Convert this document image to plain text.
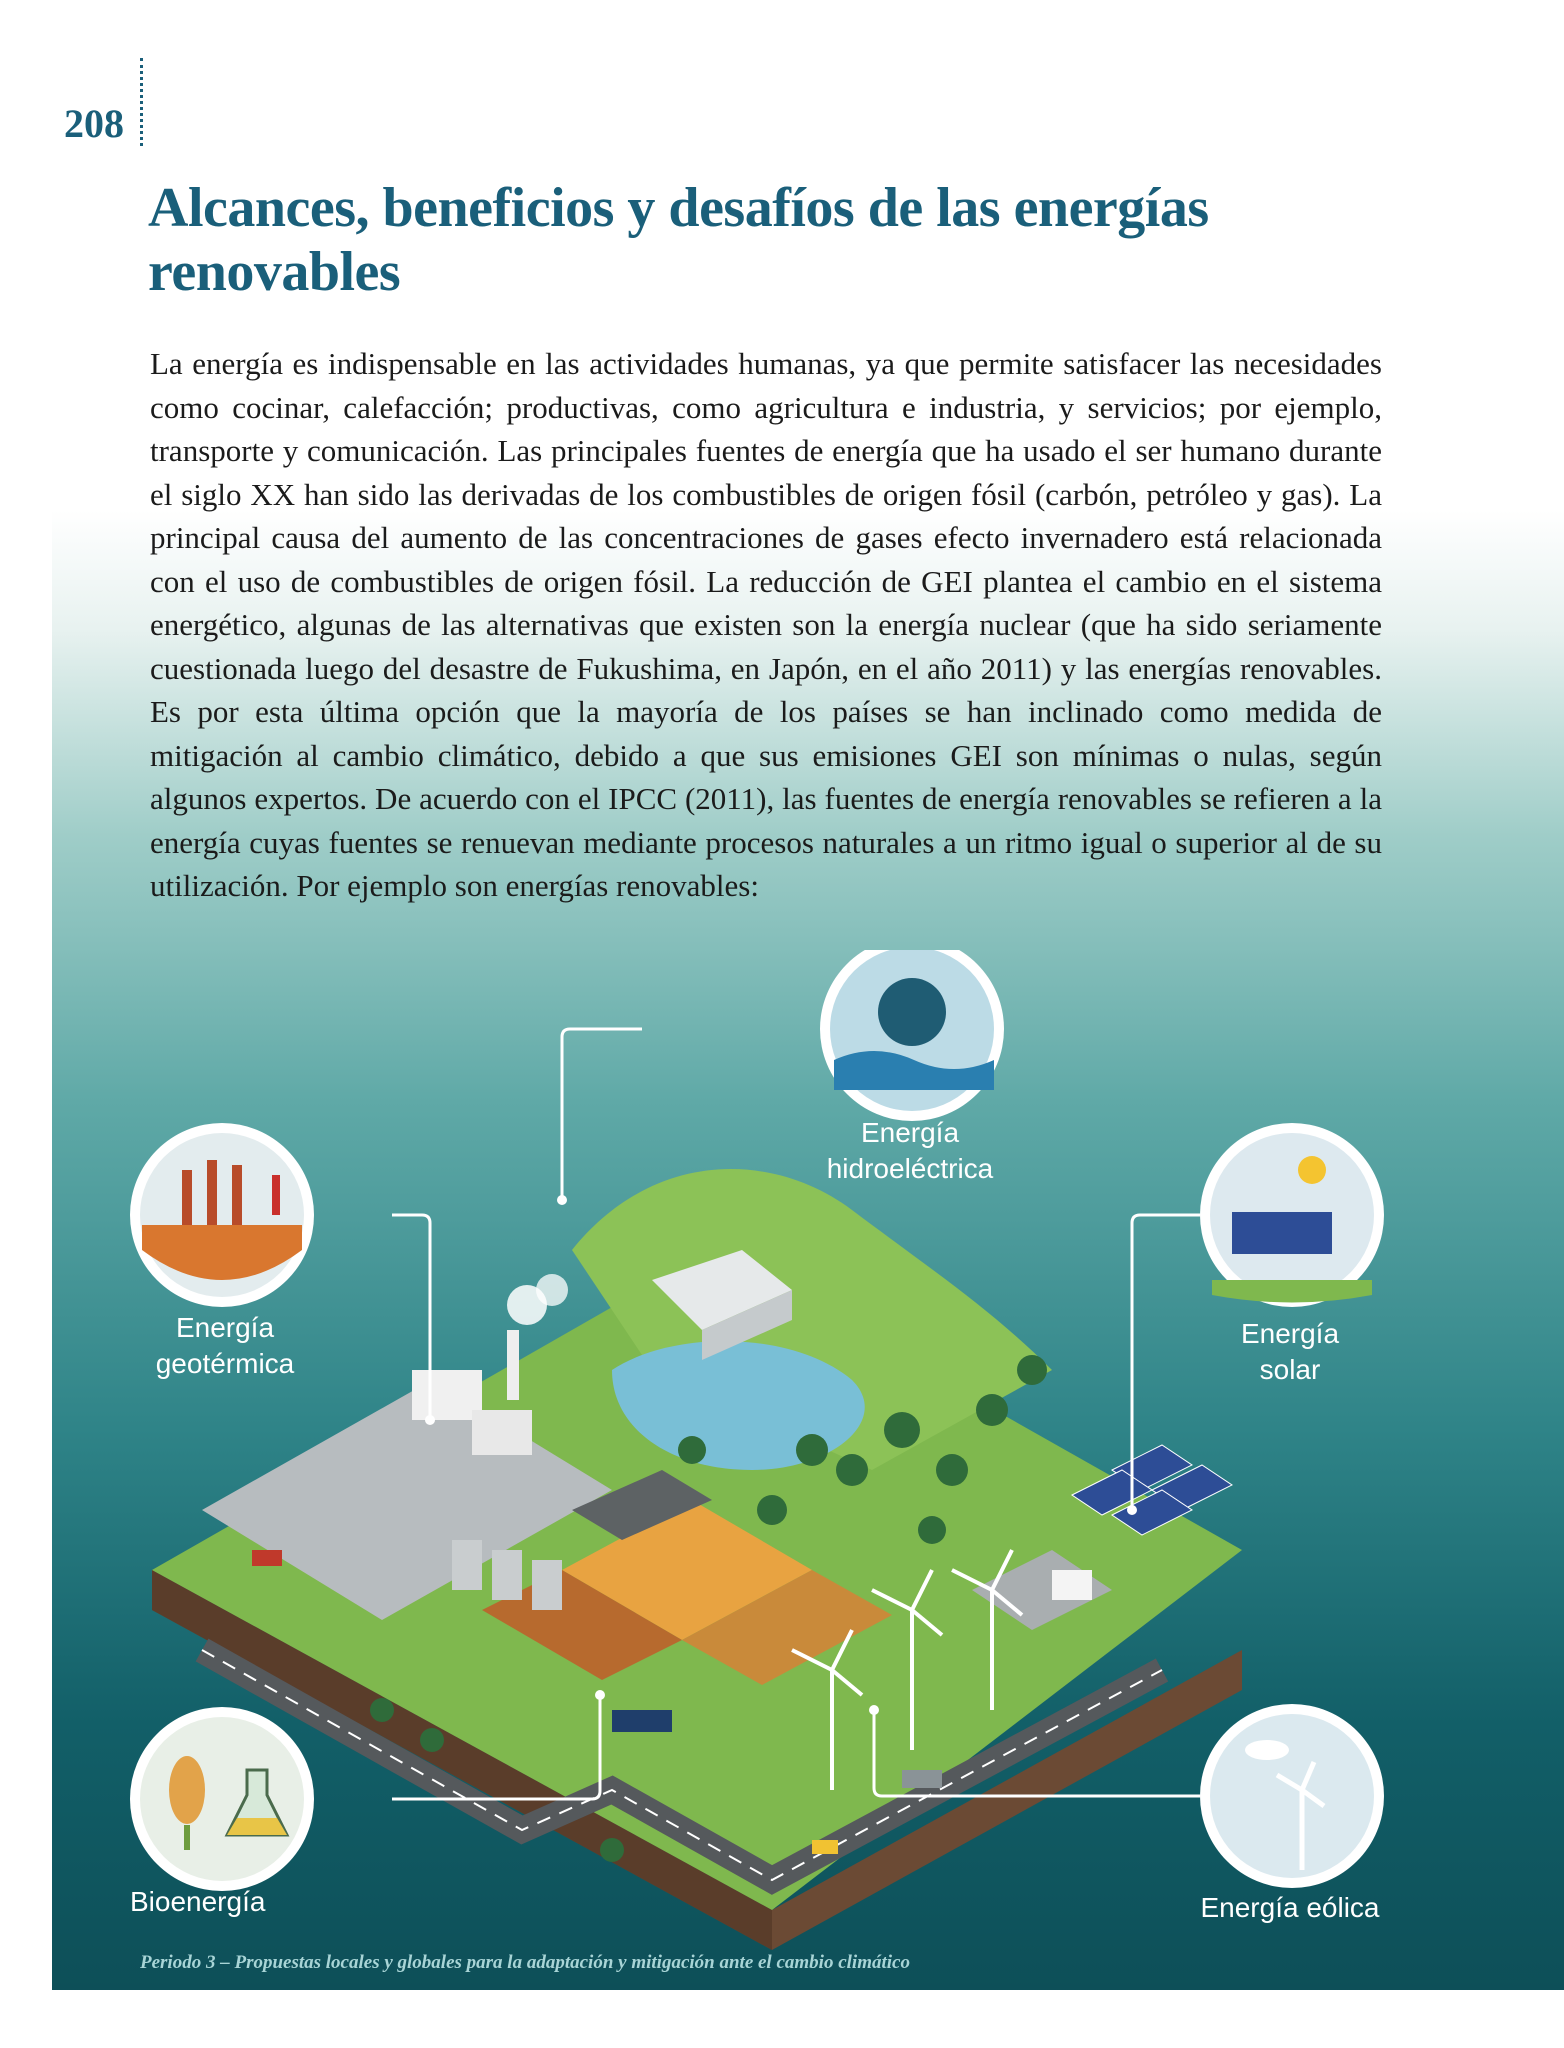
208
Alcances, beneficios y desafíos de las energías renovables

La energía es indispensable en las actividades humanas, ya que permite satisfacer las necesidades como cocinar, calefacción; productivas, como agricultura e industria, y servicios; por ejemplo, transporte y comunicación. Las principales fuentes de energía que ha usado el ser humano durante el siglo XX han sido las derivadas de los combustibles de origen fósil (carbón, petróleo y gas). La principal causa del aumento de las concentraciones de gases efecto invernadero está relacionada con el uso de combustibles de origen fósil. La reducción de GEI plantea el cambio en el sistema energético, algunas de las alternativas que existen son la energía nuclear (que ha sido seriamente cuestionada luego del desastre de Fukushima, en Japón, en el año 2011) y las energías renovables. Es por esta última opción que la mayoría de los países se han inclinado como medida de mitigación al cambio climático, debido a que sus emisiones GEI son mínimas o nulas, según algunos expertos. De acuerdo con el IPCC (2011), las fuentes de energía renovables se refieren a la energía cuyas fuentes se renuevan mediante procesos naturales a un ritmo igual o superior al de su utilización. Por ejemplo son energías renovables:

Energía hidroeléctrica
Energía geotérmica
Energía solar
Bioenergía	Energía eólica
Periodo 3 – Propuestas locales y globales para la adaptación y mitigación ante el cambio climático
